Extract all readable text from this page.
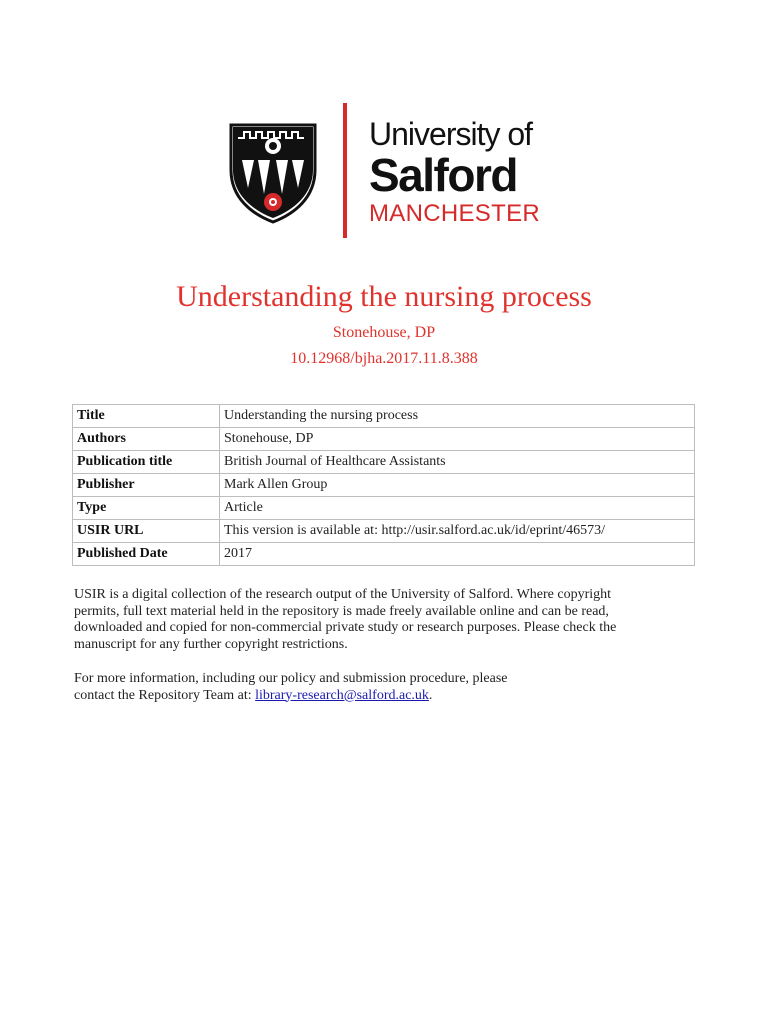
University of
Salford
MANCHESTER
Understanding the nursing process
Stonehouse, DP
10.12968/bjha.2017.11.8.388
Title	Understanding the nursing process
Authors	Stonehouse, DP
Publication title	British Journal of Healthcare Assistants
Publisher	Mark Allen Group
Type	Article
USIR URL	This version is available at: http://usir.salford.ac.uk/id/eprint/46573/
Published Date	2017
USIR is a digital collection of the research output of the University of Salford. Where copyright
permits, full text material held in the repository is made freely available online and can be read,
downloaded and copied for non-commercial private study or research purposes. Please check the
manuscript for any further copyright restrictions.
For more information, including our policy and submission procedure, please
contact the Repository Team at: library-research@salford.ac.uk.
